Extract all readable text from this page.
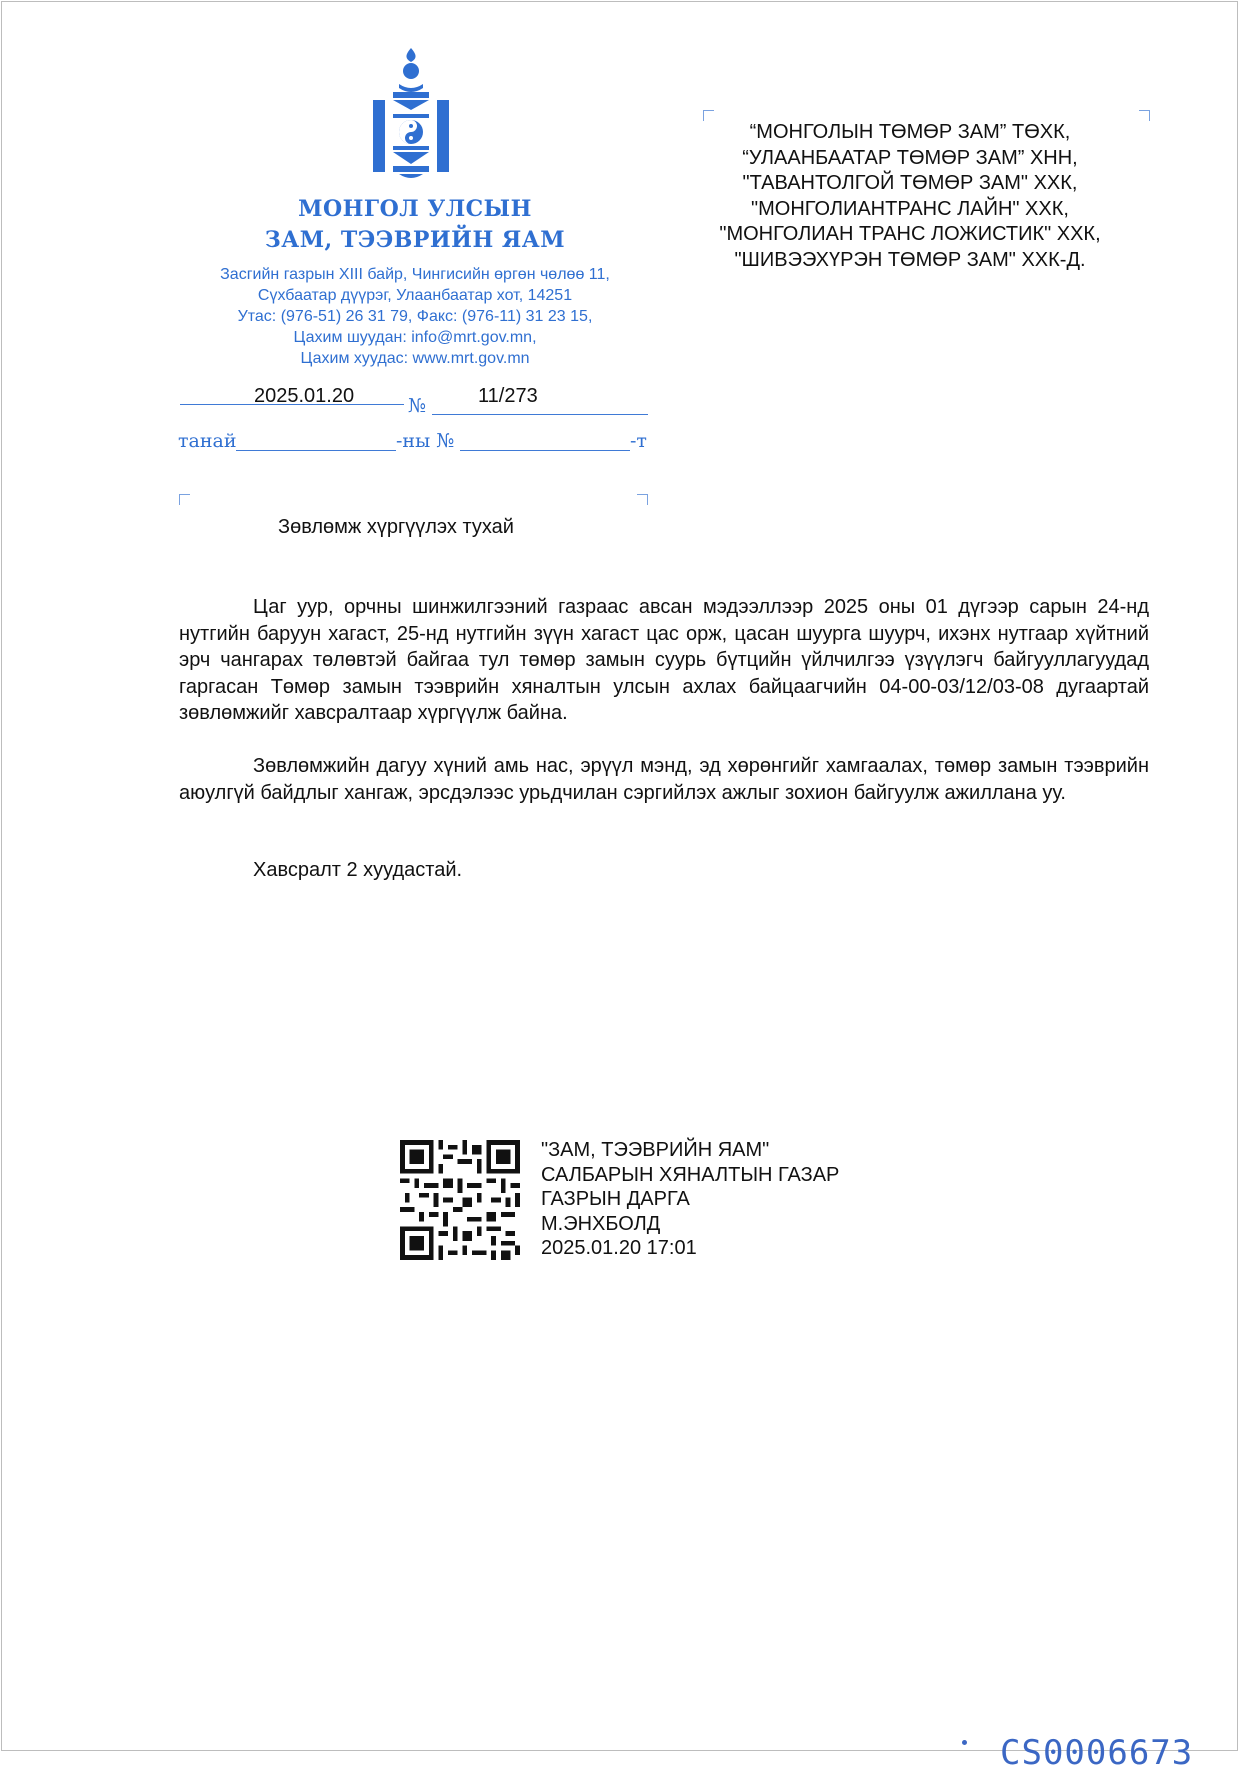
МОНГОЛ УЛСЫН
ЗАМ, ТЭЭВРИЙН ЯАМ
Засгийн газрын XIII байр, Чингисийн өргөн чөлөө 11,
Сүхбаатар дүүрэг, Улаанбаатар хот, 14251
Утас: (976-51) 26 31 79, Факс: (976-11) 31 23 15,
Цахим шуудан: info@mrt.gov.mn,
Цахим хуудас: www.mrt.gov.mn
2025.01.20	№	11/273
танай	-ны №	-т
“МОНГОЛЫН ТӨМӨР ЗАМ” ТӨХК,
“УЛААНБААТАР ТӨМӨР ЗАМ” ХНН,
"ТАВАНТОЛГОЙ ТӨМӨР ЗАМ" ХХК,
"МОНГОЛИАНТРАНС ЛАЙН" ХХК,
"МОНГОЛИАН ТРАНС ЛОЖИСТИК" ХХК,
"ШИВЭЭХҮРЭН ТӨМӨР ЗАМ" ХХК-Д.
Зөвлөмж хүргүүлэх тухай
Цаг уур, орчны шинжилгээний газраас авсан мэдээллээр 2025 оны 01 дүгээр сарын 24-нд нутгийн баруун хагаст, 25-нд нутгийн зүүн хагаст цас орж, цасан шуурга шуурч, ихэнх нутгаар хүйтний эрч чангарах төлөвтэй байгаа тул төмөр замын суурь бүтцийн үйлчилгээ үзүүлэгч байгууллагуудад гаргасан Төмөр замын тээврийн хяналтын улсын ахлах байцаагчийн 04-00-03/12/03-08 дугаартай зөвлөмжийг хавсралтаар хүргүүлж байна.
Зөвлөмжийн дагуу хүний амь нас, эрүүл мэнд, эд хөрөнгийг хамгаалах, төмөр замын тээврийн аюулгүй байдлыг хангаж, эрсдэлээс урьдчилан сэргийлэх ажлыг зохион байгуулж ажиллана уу.
Хавсралт 2 хуудастай.
"ЗАМ, ТЭЭВРИЙН ЯАМ"
САЛБАРЫН ХЯНАЛТЫН ГАЗАР
ГАЗРЫН ДАРГА
М.ЭНХБОЛД
2025.01.20 17:01
CS0006673
